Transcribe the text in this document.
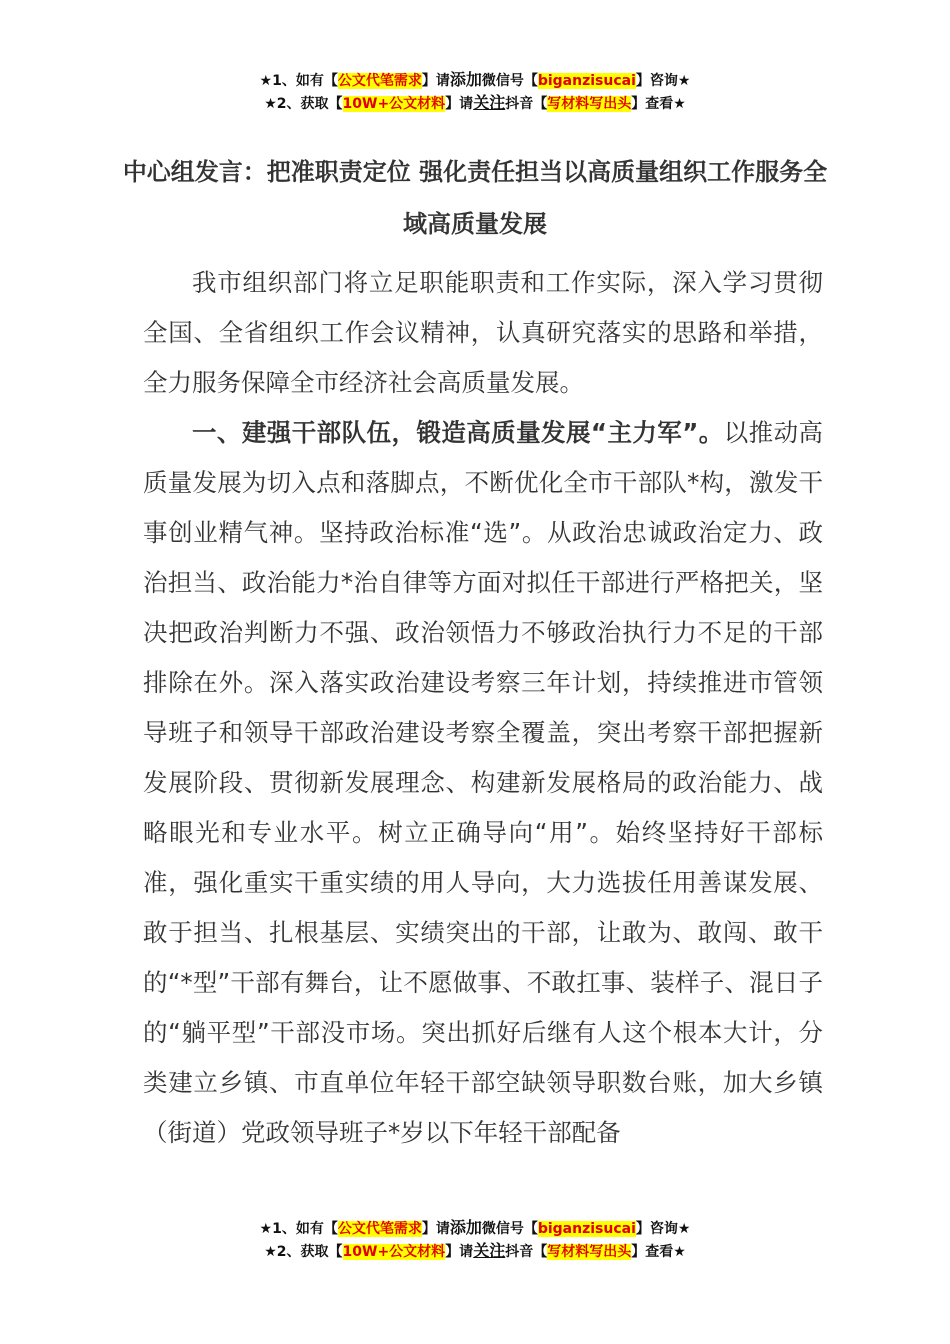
★1、如有【公文代笔需求】请添加微信号【biganzisucai】咨询★
★2、获取【10W+公文材料】请关注抖音【写材料写出头】查看★
中心组发言：把准职责定位 强化责任担当以高质量组织工作服务全域高质量发展

我市组织部门将立足职能职责和工作实际，深入学习贯彻全国、全省组织工作会议精神，认真研究落实的思路和举措，全力服务保障全市经济社会高质量发展。

一、建强干部队伍，锻造高质量发展“主力军”。以推动高质量发展为切入点和落脚点，不断优化全市干部队*构，激发干事创业精气神。坚持政治标准“选”。从政治忠诚政治定力、政治担当、政治能力*治自律等方面对拟任干部进行严格把关，坚决把政治判断力不强、政治领悟力不够政治执行力不足的干部排除在外。深入落实政治建设考察三年计划，持续推进市管领导班子和领导干部政治建设考察全覆盖，突出考察干部把握新发展阶段、贯彻新发展理念、构建新发展格局的政治能力、战略眼光和专业水平。树立正确导向“用”。始终坚持好干部标准，强化重实干重实绩的用人导向，大力选拔任用善谋发展、敢于担当、扎根基层、实绩突出的干部，让敢为、敢闯、敢干的“*型”干部有舞台，让不愿做事、不敢扛事、装样子、混日子的“躺平型”干部没市场。突出抓好后继有人这个根本大计，分类建立乡镇、市直单位年轻干部空缺领导职数台账，加大乡镇（街道）党政领导班子*岁以下年轻干部配备

★1、如有【公文代笔需求】请添加微信号【biganzisucai】咨询★
★2、获取【10W+公文材料】请关注抖音【写材料写出头】查看★
